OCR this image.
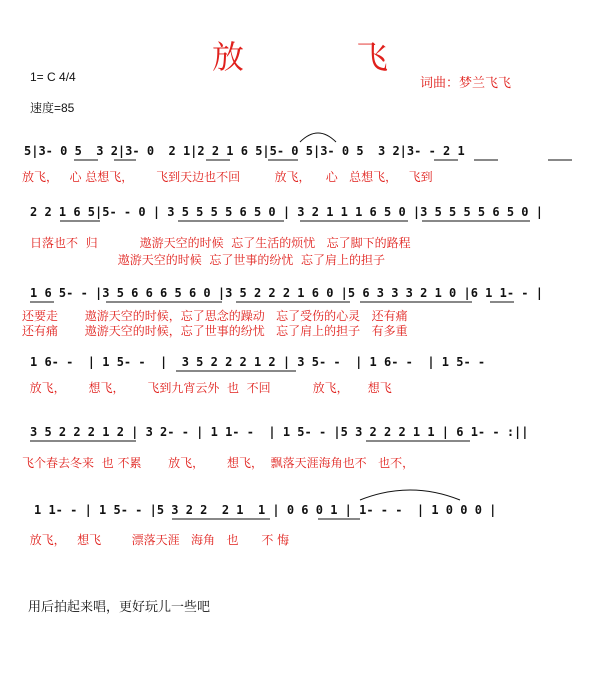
放　飞
1= C 4/4	词曲：梦兰飞飞
速度=85
5|3- 0 5  3 2|3- 0  2 1|2 2 1 6 5|5- 0 5|3- 0 5  3 2|3- - 2 1
放飞，   心 总想飞，      飞到天边也不回         放飞，    心   总想飞，   飞到
2 2 1 6 5|5- - 0 | 3 5 5 5 5 6 5 0 | 3 2 1 1 1 6 5 0 |3 5 5 5 5 6 5 0 |
日落也不  归           遨游天空的时候  忘了生活的烦忧   忘了脚下的路程
遨游天空的时候  忘了世事的纷忧  忘了肩上的担子
1 6 5- - |3 5 6 6 6 5 6 0 |3 5 2 2 2 1 6 0 |5 6 3 3 3 2 1 0 |6 1 1- - |
还要走       遨游天空的时候，忘了思念的躁动   忘了受伤的心灵   还有痛
还有痛       遨游天空的时候，忘了世事的纷忧   忘了肩上的担子   有多重
1 6- -  | 1 5- -  |  3 5 2 2 2 1 2 | 3 5- -  | 1 6- -  | 1 5- -
放飞，      想飞，      飞到九宵云外  也  不回           放飞，     想飞
3 5 2 2 2 1 2 | 3 2- - | 1 1- -  | 1 5- - |5 3 2 2 2 1 1 | 6 1- - :||
飞个春去冬来  也 不累       放飞，      想飞，  飘落天涯海角也不   也不，
1 1- - | 1 5- - |5 3 2 2  2 1  1 | 0 6 0 1 | 1- - -  | 1 0 0 0 |
放飞，   想飞        漂落天涯   海角   也      不 悔
用后拍起来唱，更好玩儿一些吧
